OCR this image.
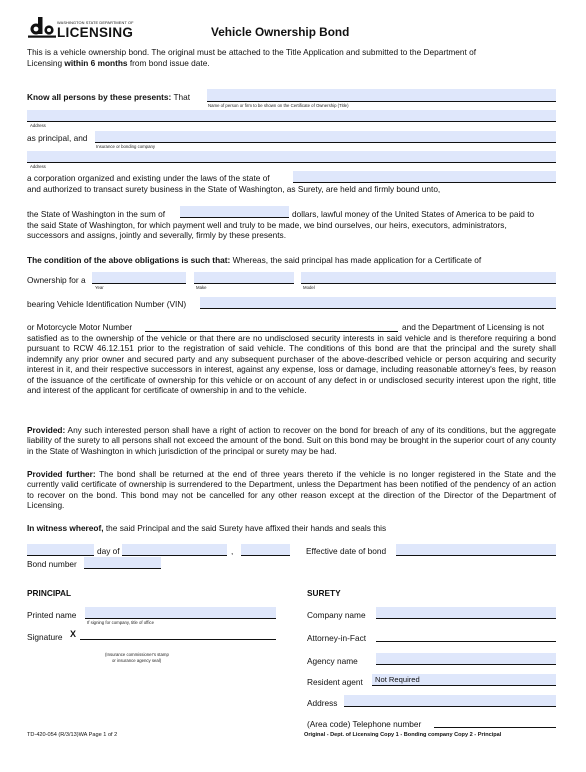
WASHINGTON STATE DEPARTMENT OF
LICENSING	Vehicle Ownership Bond
This is a vehicle ownership bond. The original must be attached to the Title Application and submitted to the Department of
Licensing within 6 months from bond issue date.
Know all persons by these presents: That
Name of person or firm to be shown on the Certificate of Ownership (Title)
Address
as principal, and
Insurance or bonding company
Address
a corporation organized and existing under the laws of the state of
and authorized to transact surety business in the State of Washington, as Surety, are held and firmly bound unto,
the State of Washington in the sum of	dollars, lawful money of the United States of America to be paid to
the said State of Washington, for which payment well and truly to be made, we bind ourselves, our heirs, executors, administrators,
successors and assigns, jointly and severally, firmly by these presents.
The condition of the above obligations is such that: Whereas, the said principal has made application for a Certificate of
Ownership for a
Year	Make	Model
bearing Vehicle Identification Number (VIN)
or Motorcycle Motor Number	and the Department of Licensing is not
satisfied as to the ownership of the vehicle or that there are no undisclosed security interests in said vehicle and is therefore requiring a bond pursuant to RCW 46.12.151 prior to the registration of said vehicle. The conditions of this bond are that the principal and the surety shall indemnify any prior owner and secured party and any subsequent purchaser of the above-described vehicle or person acquiring and security interest in it, and their respective successors in interest, against any expense, loss or damage, including reasonable attorney's fees, by reason of the issuance of the certificate of ownership for this vehicle or on account of any defect in or undisclosed security interest upon the right, title and interest of the applicant for certificate of ownership in and to the vehicle.
Provided: Any such interested person shall have a right of action to recover on the bond for breach of any of its conditions, but the aggregate liability of the surety to all persons shall not exceed the amount of the bond. Suit on this bond may be brought in the superior court of any county in the State of Washington in which jurisdiction of the principal or surety may be had.
Provided further: The bond shall be returned at the end of three years thereto if the vehicle is no longer registered in the State and the currently valid certificate of ownership is surrendered to the Department, unless the Department has been notified of the pendency of an action to recover on the bond. This bond may not be cancelled for any other reason except at the direction of the Director of the Department of Licensing.
In witness whereof, the said Principal and the said Surety have affixed their hands and seals this
day of	,	Effective date of bond
Bond number
PRINCIPAL
Printed name
If signing for company, title of office
Signature X
(Insurance commissioner's stamp
or insurance agency seal)
SURETY
Company name
Attorney-in-Fact
Agency name
Resident agent Not Required
Address
(Area code) Telephone number
TD-420-054 (R/3/13)WA Page 1 of 2	Original - Dept. of Licensing Copy 1 - Bonding company Copy 2 - Principal
